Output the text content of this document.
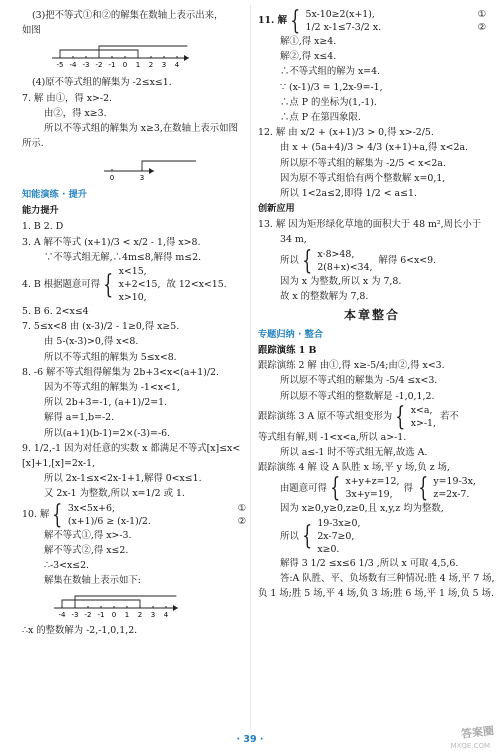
(3)把不等式①和②的解集在数轴上表示出来，
如图
-5 -4 -3 -2 -1 0 1 2 3 4
(4)原不等式组的解集为 -2≤x≤1.
7. 解 由①，得 x>-2.
由②，得 x≥3.
所以不等式组的解集为 x≥3,在数轴上表示如图
所示.
0	3
知能演练 · 提升
能力提升
1. B 2. D
3. A 解不等式 (x+1)/3 < x/2 - 1,得 x>8.
∵不等式组无解,∴4m≤8,解得 m≤2.
4. B 根据题意可得 { x<15,
x+2<15,
x>10,
故 12<x<15.
5. B 6. 2<x≤4
7. 5≤x<8 由 (x-3)/2 - 1≥0,得 x≥5.
由 5-(x-3)>0,得 x<8.
所以不等式组的解集为 5≤x<8.
8. -6 解不等式组得解集为 2b+3<x<(a+1)/2.
因为不等式组的解集为 -1<x<1,
所以 2b+3=-1, (a+1)/2=1.
解得 a=1,b=-2.
所以(a+1)(b-1)=2×(-3)=-6.
9. 1/2,-1 因为对任意的实数 x 都满足不等式[x]≤x<
[x]+1,[x]=2x-1,
所以 2x-1≤x<2x-1+1,解得 0<x≤1.
又 2x-1 为整数,所以 x=1/2 或 1.
10. 解 { 3x<5x+6,
(x+1)/6 ≥ (x-1)/2.
①
②
解不等式①,得 x>-3.
解不等式②,得 x≤2.
∴-3<x≤2.
解集在数轴上表示如下:
-4 -3 -2 -1 0 1 2 3 4
∴x 的整数解为 -2,-1,0,1,2.
11. 解 { 5x-10≥2(x+1),
1/2 x-1≤7-3/2 x.
①
②
解①,得 x≥4.
解②,得 x≤4.
∴不等式组的解为 x=4.
∵ (x-1)/3 = 1,2x-9=-1,
∴点 P 的坐标为(1,-1).
∴点 P 在第四象限.
12. 解 由 x/2 + (x+1)/3 > 0,得 x>-2/5.
由 x + (5a+4)/3 > 4/3 (x+1)+a,得 x<2a.
所以原不等式组的解集为 -2/5 < x<2a.
因为原不等式组恰有两个整数解 x=0,1,
所以 1<2a≤2,即得 1/2 < a≤1.
创新应用
13. 解 因为矩形绿化草地的面积大于 48 m²,周长小于
34 m,
所以 { x·8>48,
2(8+x)<34,
解得 6<x<9.
因为 x 为整数,所以 x 为 7,8.
故 x 的整数解为 7,8.
本章整合
专题归纳 · 整合
跟踪演练 1 B
跟踪演练 2 解 由①,得 x≥-5/4;由②,得 x<3.
所以原不等式组的解集为 -5/4 ≤x<3.
所以原不等式组的整数解是 -1,0,1,2.
跟踪演练 3 A 原不等式组变形为 { x<a,
x>-1,
若不
等式组有解,则 -1<x<a,所以 a>-1.
所以 a≤-1 时不等式组无解,故选 A.
跟踪演练 4 解 设 A 队胜 x 场,平 y 场,负 z 场,
由题意可得 { x+y+z=12,
3x+y=19,
得 { y=19-3x,
z=2x-7.
因为 x≥0,y≥0,z≥0,且 x,y,z 均为整数,
所以 { 19-3x≥0,
2x-7≥0,
x≥0.
解得 3 1/2 ≤x≤6 1/3 ,所以 x 可取 4,5,6.
答:A 队胜、平、负场数有三种情况:胜 4 场,平 7 场,
负 1 场;胜 5 场,平 4 场,负 3 场;胜 6 场,平 1 场,负 5 场.
· 39 ·	答案圈
MXQE.COM
